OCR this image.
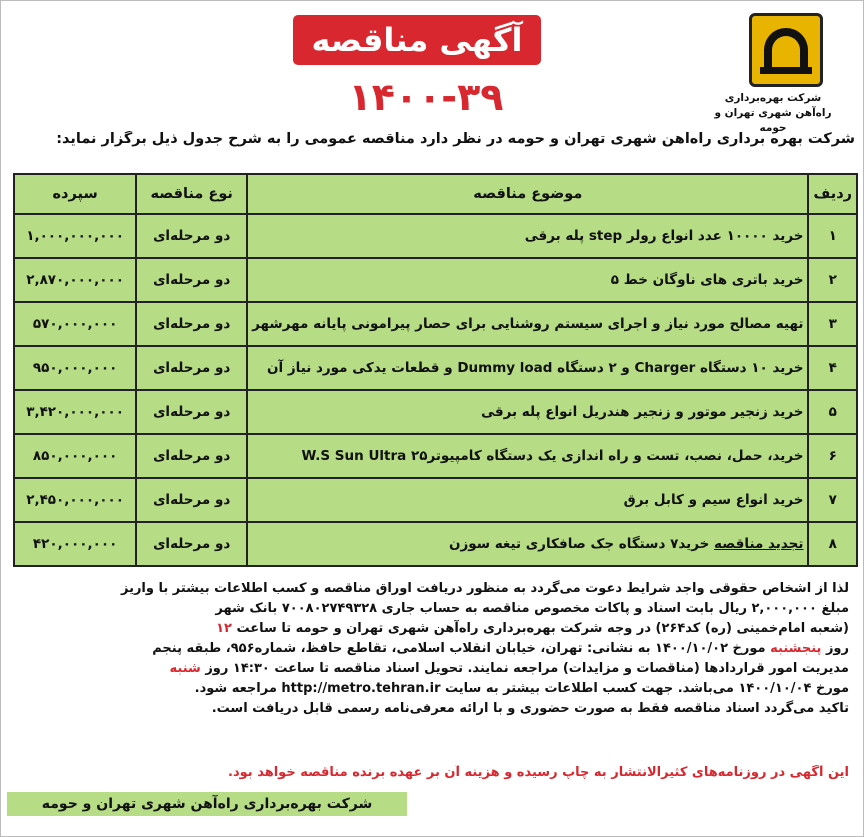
شرکت بهره‌برداری
راه‌آهن شهری تهران و حومه
آگهی مناقصه
۱۴۰۰-۳۹
شرکت بهره برداری راه‌آهن شهری تهران و حومه در نظر دارد مناقصه عمومی را به شرح جدول ذیل برگزار نماید:
ردیف	موضوع مناقصه	نوع مناقصه	سپرده
۱	خرید ۱۰۰۰۰ عدد انواع رولر step پله برقی	دو مرحله‌ای	۱,۰۰۰,۰۰۰,۰۰۰
۲	خرید باتری های ناوگان خط ۵	دو مرحله‌ای	۲,۸۷۰,۰۰۰,۰۰۰
۳	تهیه مصالح مورد نیاز و اجرای سیستم روشنایی برای حصار پیرامونی پایانه مهرشهر	دو مرحله‌ای	۵۷۰,۰۰۰,۰۰۰
۴	خرید ۱۰ دستگاه Charger و ۲ دستگاه Dummy load و قطعات یدکی مورد نیاز آن	دو مرحله‌ای	۹۵۰,۰۰۰,۰۰۰
۵	خرید زنجیر موتور و زنجیر هندریل انواع پله برقی	دو مرحله‌ای	۳,۴۲۰,۰۰۰,۰۰۰
۶	خرید، حمل، نصب، تست و راه اندازی یک دستگاه کامپیوتر۲۵ W.S Sun Ultra	دو مرحله‌ای	۸۵۰,۰۰۰,۰۰۰
۷	خرید انواع سیم و کابل برق	دو مرحله‌ای	۲,۴۵۰,۰۰۰,۰۰۰
۸	تجدید مناقصه خرید۷ دستگاه جک صافکاری تیغه سوزن	دو مرحله‌ای	۴۲۰,۰۰۰,۰۰۰

لذا از اشخاص حقوقی واجد شرایط دعوت می‌گردد به منظور دریافت اوراق مناقصه و کسب اطلاعات بیشتر با واریز

مبلغ ۲,۰۰۰,۰۰۰ ریال بابت اسناد و پاکات مخصوص مناقصه به حساب جاری ۷۰۰۸۰۲۷۴۹۳۲۸ بانک شهر

(شعبه امام‌خمینی (ره) کد۲۶۴) در وجه شرکت بهره‌برداری راه‌آهن شهری تهران و حومه تا ساعت ۱۲

روز پنجشنبه مورخ ۱۴۰۰/۱۰/۰۲ به نشانی: تهران، خیابان انقلاب اسلامی، تقاطع حافظ، شماره۹۵۶، طبقه پنجم

مدیریت امور قراردادها (مناقصات و مزایدات) مراجعه نمایند. تحویل اسناد مناقصه تا ساعت ۱۴:۳۰ روز شنبه

مورخ ۱۴۰۰/۱۰/۰۴ می‌باشد. جهت کسب اطلاعات بیشتر به سایت http://metro.tehran.ir مراجعه شود.

تاکید می‌گردد اسناد مناقصه فقط به صورت حضوری و با ارائه معرفی‌نامه رسمی قابل دریافت است.

این آگهی در روزنامه‌های کثیرالانتشار به چاپ رسیده و هزینه آن بر عهده برنده مناقصه خواهد بود.
شرکت بهره‌برداری راه‌آهن شهری تهران و حومه
